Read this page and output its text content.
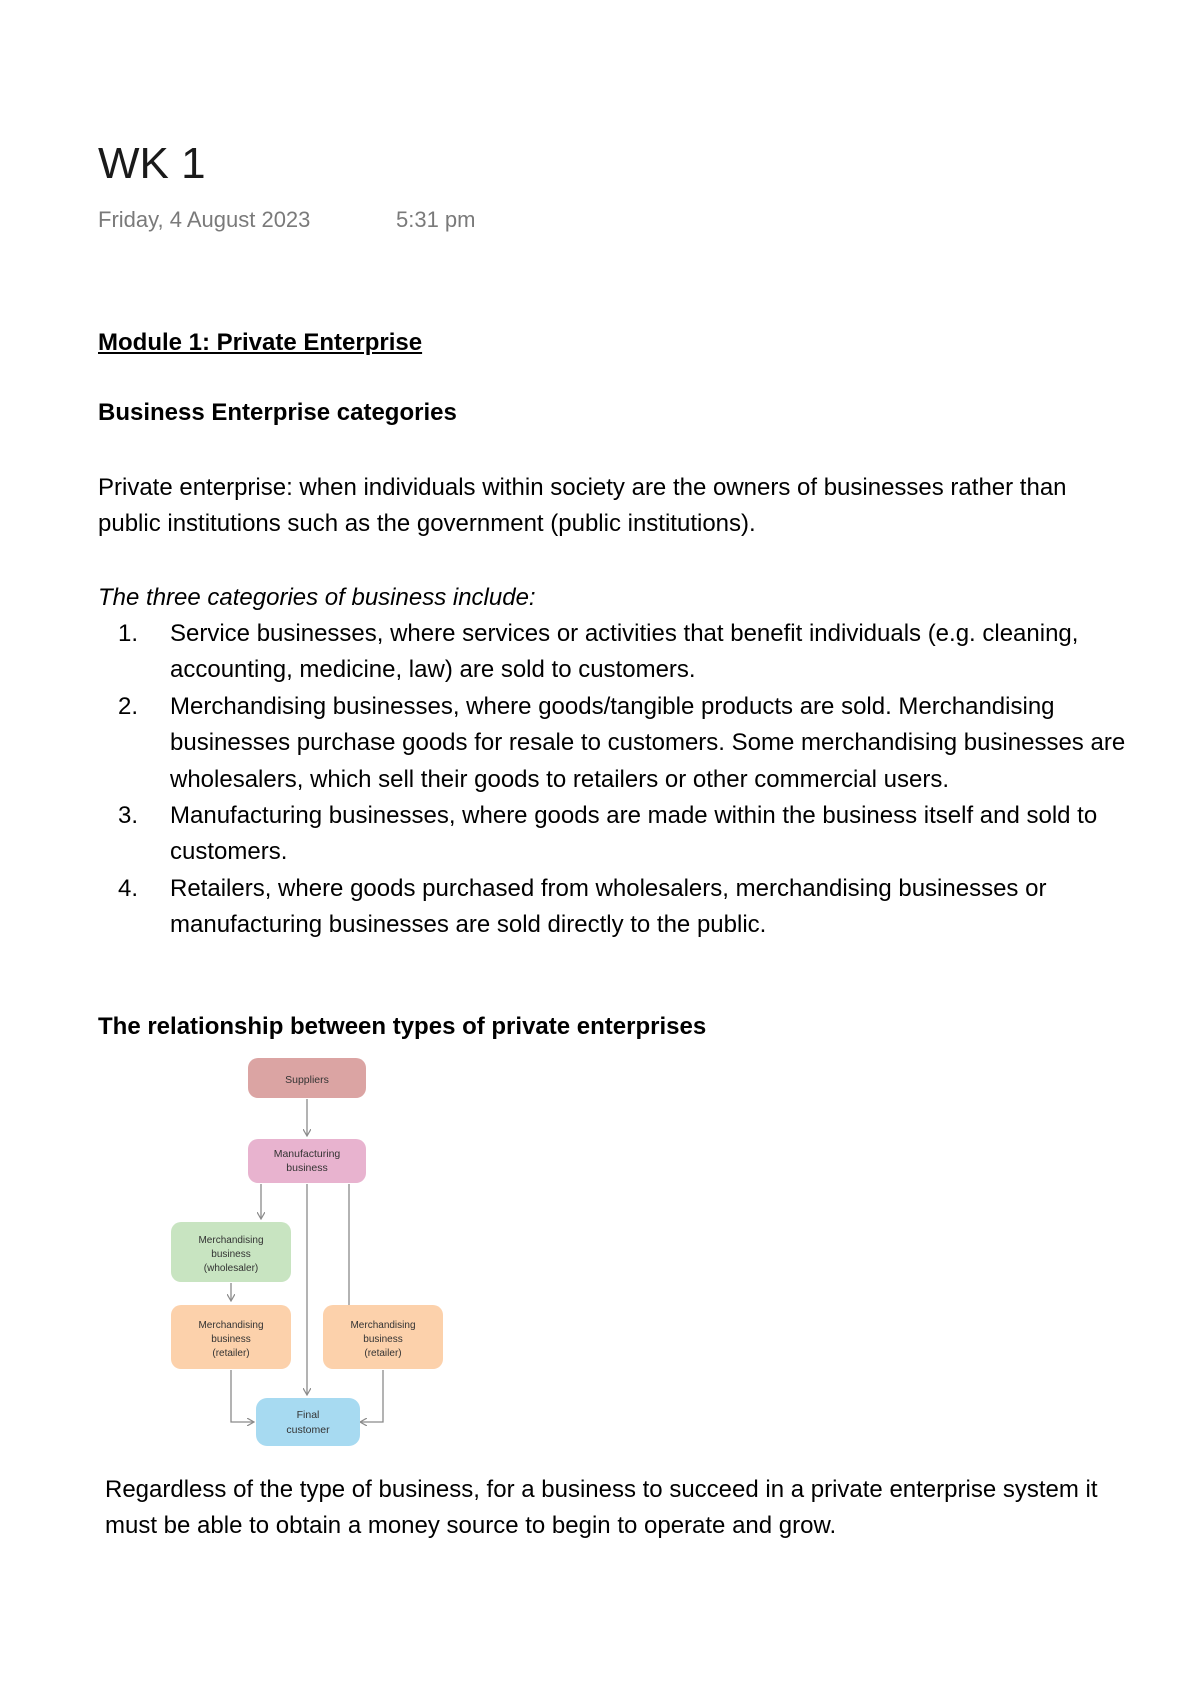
WK 1
Friday, 4 August 2023	5:31 pm
Module 1: Private Enterprise
Business Enterprise categories

Private enterprise: when individuals within society are the owners of businesses rather than public institutions such as the government (public institutions).

The three categories of business include:
1. Service businesses, where services or activities that benefit individuals (e.g. cleaning, accounting, medicine, law) are sold to customers.
2. Merchandising businesses, where goods/tangible products are sold. Merchandising businesses purchase goods for resale to customers. Some merchandising businesses are wholesalers, which sell their goods to retailers or other commercial users.
3. Manufacturing businesses, where goods are made within the business itself and sold to customers.
4. Retailers, where goods purchased from wholesalers, merchandising businesses or manufacturing businesses are sold directly to the public.
The relationship between types of private enterprises
Suppliers
Manufacturing
business
Merchandising
business
(wholesaler)
Merchandising
business
(retailer)
Merchandising
business
(retailer)
Final
customer

Regardless of the type of business, for a business to succeed in a private enterprise system it must be able to obtain a money source to begin to operate and grow.
